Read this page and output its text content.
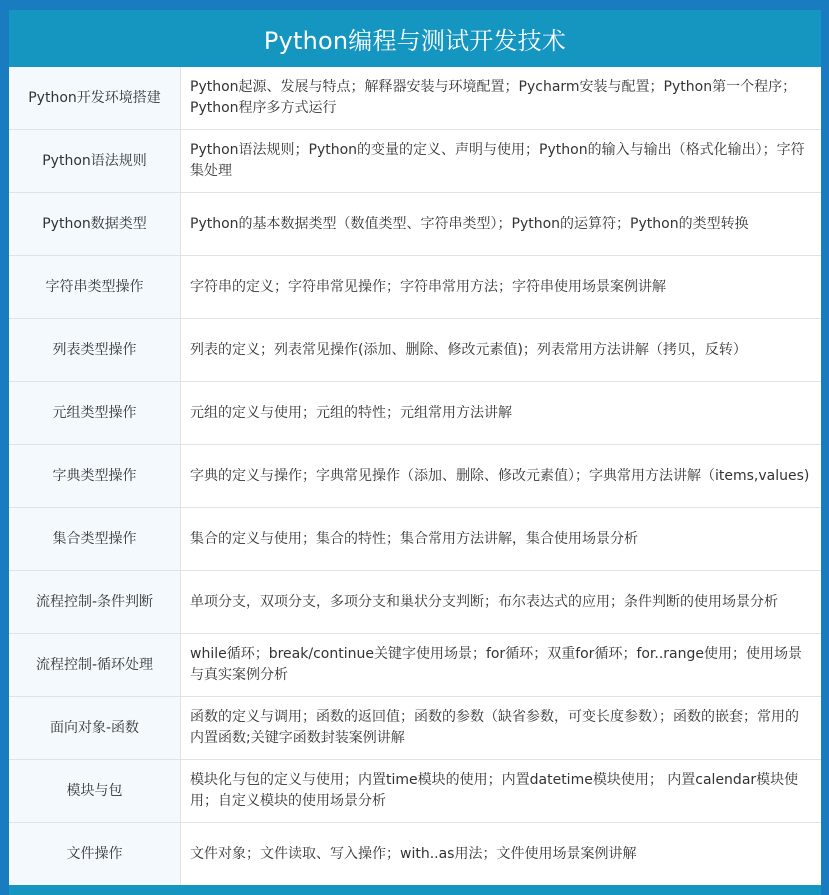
Python编程与测试开发技术
Python开发环境搭建	Python起源、发展与特点；解释器安装与环境配置；Pycharm安装与配置；Python第一个程序；Python程序多方式运行
Python语法规则	Python语法规则；Python的变量的定义、声明与使用；Python的输入与输出（格式化输出）；字符集处理
Python数据类型	Python的基本数据类型（数值类型、字符串类型）；Python的运算符；Python的类型转换
字符串类型操作	字符串的定义；字符串常见操作；字符串常用方法；字符串使用场景案例讲解
列表类型操作	列表的定义；列表常见操作(添加、删除、修改元素值)；列表常用方法讲解（拷贝，反转）
元组类型操作	元组的定义与使用；元组的特性；元组常用方法讲解
字典类型操作	字典的定义与操作；字典常见操作（添加、删除、修改元素值）；字典常用方法讲解（items,values)
集合类型操作	集合的定义与使用；集合的特性；集合常用方法讲解，集合使用场景分析
流程控制-条件判断	单项分支，双项分支，多项分支和巢状分支判断；布尔表达式的应用；条件判断的使用场景分析
流程控制-循环处理	while循环；break/continue关键字使用场景；for循环；双重for循环；for..range使用；使用场景与真实案例分析
面向对象-函数	函数的定义与调用；函数的返回值；函数的参数（缺省参数，可变长度参数）；函数的嵌套；常用的内置函数;关键字函数封装案例讲解
模块与包	模块化与包的定义与使用；内置time模块的使用；内置datetime模块使用； 内置calendar模块使用；自定义模块的使用场景分析
文件操作	文件对象；文件读取、写入操作；with..as用法；文件使用场景案例讲解
